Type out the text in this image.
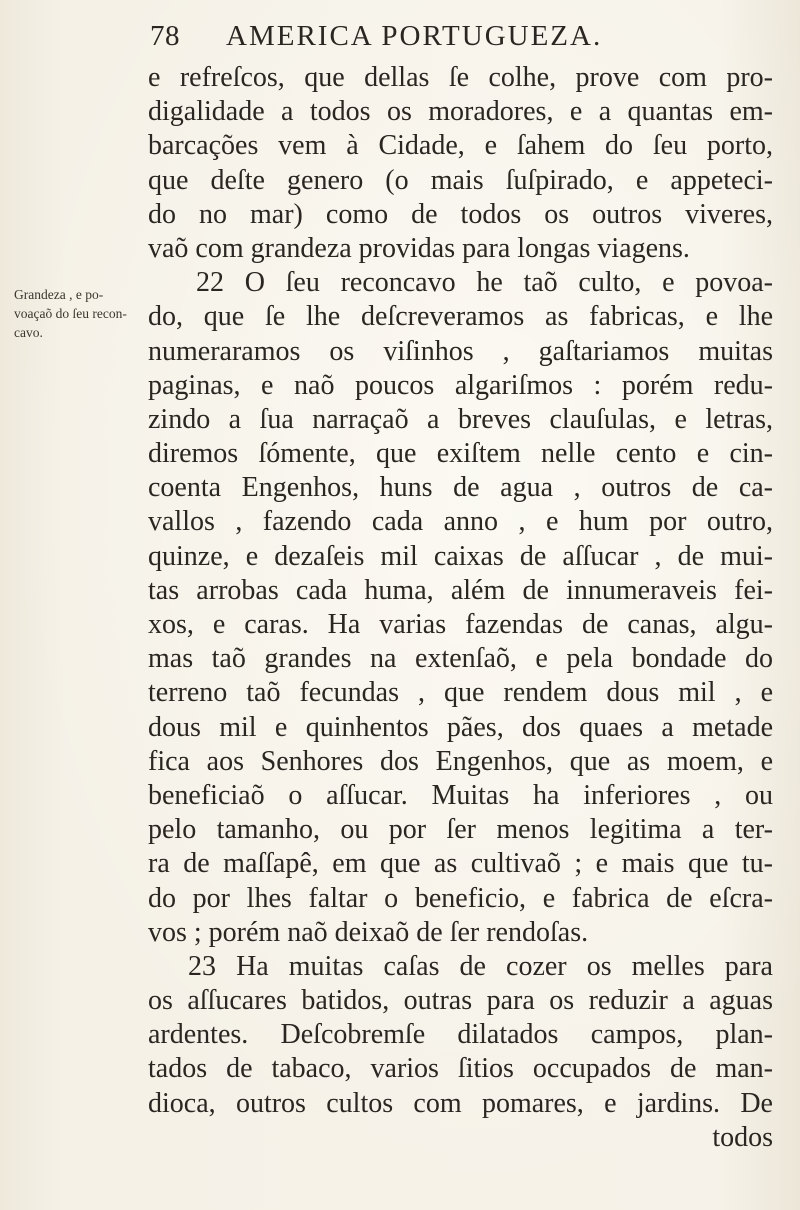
78 AMERICA PORTUGUEZA.
Grandeza , e po-
voaçaõ do ſeu recon-
cavo.
e refreſcos, que dellas ſe colhe, prove com pro-
digalidade a todos os moradores, e a quantas em-
barcações vem à Cidade, e ſahem do ſeu porto,
que deſte genero (o mais ſuſpirado, e appeteci-
do no mar) como de todos os outros viveres,
vaõ com grandeza providas para longas viagens.
22 O ſeu reconcavo he taõ culto, e povoa-
do, que ſe lhe deſcreveramos as fabricas, e lhe
numeraramos os viſinhos , gaſtariamos muitas
paginas, e naõ poucos algariſmos : porém redu-
zindo a ſua narraçaõ a breves clauſulas, e letras,
diremos ſómente, que exiſtem nelle cento e cin-
coenta Engenhos, huns de agua , outros de ca-
vallos , fazendo cada anno , e hum por outro,
quinze, e dezaſeis mil caixas de aſſucar , de mui-
tas arrobas cada huma, além de innumeraveis fei-
xos, e caras. Ha varias fazendas de canas, algu-
mas taõ grandes na extenſaõ, e pela bondade do
terreno taõ fecundas , que rendem dous mil , e
dous mil e quinhentos pães, dos quaes a metade
fica aos Senhores dos Engenhos, que as moem, e
beneficiaõ o aſſucar. Muitas ha inferiores , ou
pelo tamanho, ou por ſer menos legitima a ter-
ra de maſſapê, em que as cultivaõ ; e mais que tu-
do por lhes faltar o beneficio, e fabrica de eſcra-
vos ; porém naõ deixaõ de ſer rendoſas.
23 Ha muitas caſas de cozer os melles para
os aſſucares batidos, outras para os reduzir a aguas
ardentes. Deſcobremſe dilatados campos, plan-
tados de tabaco, varios ſitios occupados de man-
dioca, outros cultos com pomares, e jardins. De
todos
